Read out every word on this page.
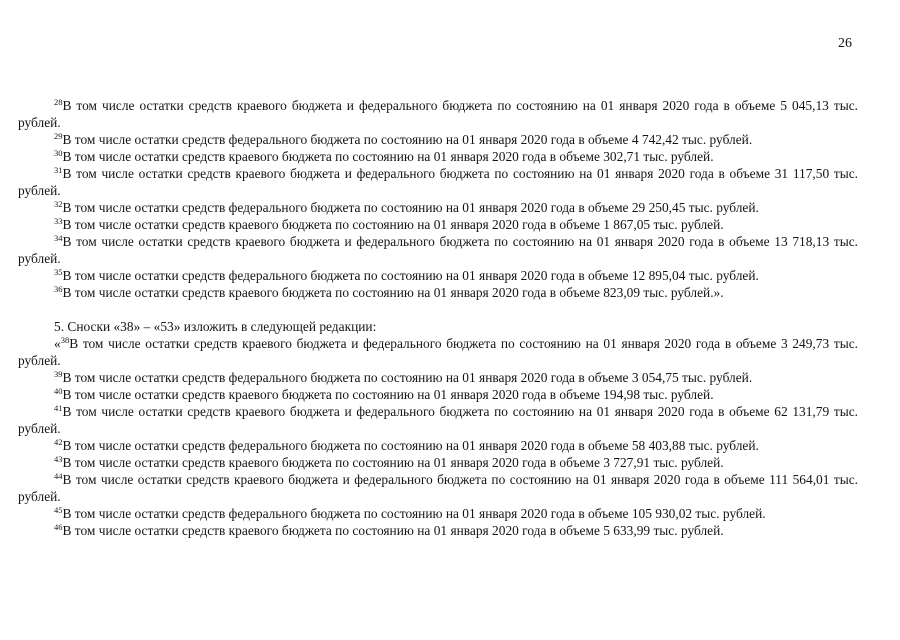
26

$^{28}$В том числе остатки средств краевого бюджета и федерального бюджета по состоянию на 01 января 2020 года в объеме 5 045,13 тыс. рублей.

$^{29}$В том числе остатки средств федерального бюджета по состоянию на 01 января 2020 года в объеме 4 742,42 тыс. рублей.

$^{30}$В том числе остатки средств краевого бюджета по состоянию на 01 января 2020 года в объеме 302,71 тыс. рублей.

$^{31}$В том числе остатки средств краевого бюджета и федерального бюджета по состоянию на 01 января 2020 года в объеме 31 117,50 тыс. рублей.

$^{32}$В том числе остатки средств федерального бюджета по состоянию на 01 января 2020 года в объеме 29 250,45 тыс. рублей.

$^{33}$В том числе остатки средств краевого бюджета по состоянию на 01 января 2020 года в объеме 1 867,05 тыс. рублей.

$^{34}$В том числе остатки средств краевого бюджета и федерального бюджета по состоянию на 01 января 2020 года в объеме 13 718,13 тыс. рублей.

$^{35}$В том числе остатки средств федерального бюджета по состоянию на 01 января 2020 года в объеме 12 895,04 тыс. рублей.

$^{36}$В том числе остатки средств краевого бюджета по состоянию на 01 января 2020 года в объеме 823,09 тыс. рублей.».

5. Сноски «38» – «53» изложить в следующей редакции:

«$^{38}$В том числе остатки средств краевого бюджета и федерального бюджета по состоянию на 01 января 2020 года в объеме 3 249,73 тыс. рублей.

$^{39}$В том числе остатки средств федерального бюджета по состоянию на 01 января 2020 года в объеме 3 054,75 тыс. рублей.

$^{40}$В том числе остатки средств краевого бюджета по состоянию на 01 января 2020 года в объеме 194,98 тыс. рублей.

$^{41}$В том числе остатки средств краевого бюджета и федерального бюджета по состоянию на 01 января 2020 года в объеме 62 131,79 тыс. рублей.

$^{42}$В том числе остатки средств федерального бюджета по состоянию на 01 января 2020 года в объеме 58 403,88 тыс. рублей.

$^{43}$В том числе остатки средств краевого бюджета по состоянию на 01 января 2020 года в объеме 3 727,91 тыс. рублей.

$^{44}$В том числе остатки средств краевого бюджета и федерального бюджета по состоянию на 01 января 2020 года в объеме 111 564,01 тыс. рублей.

$^{45}$В том числе остатки средств федерального бюджета по состоянию на 01 января 2020 года в объеме 105 930,02 тыс. рублей.

$^{46}$В том числе остатки средств краевого бюджета по состоянию на 01 января 2020 года в объеме 5 633,99 тыс. рублей.
